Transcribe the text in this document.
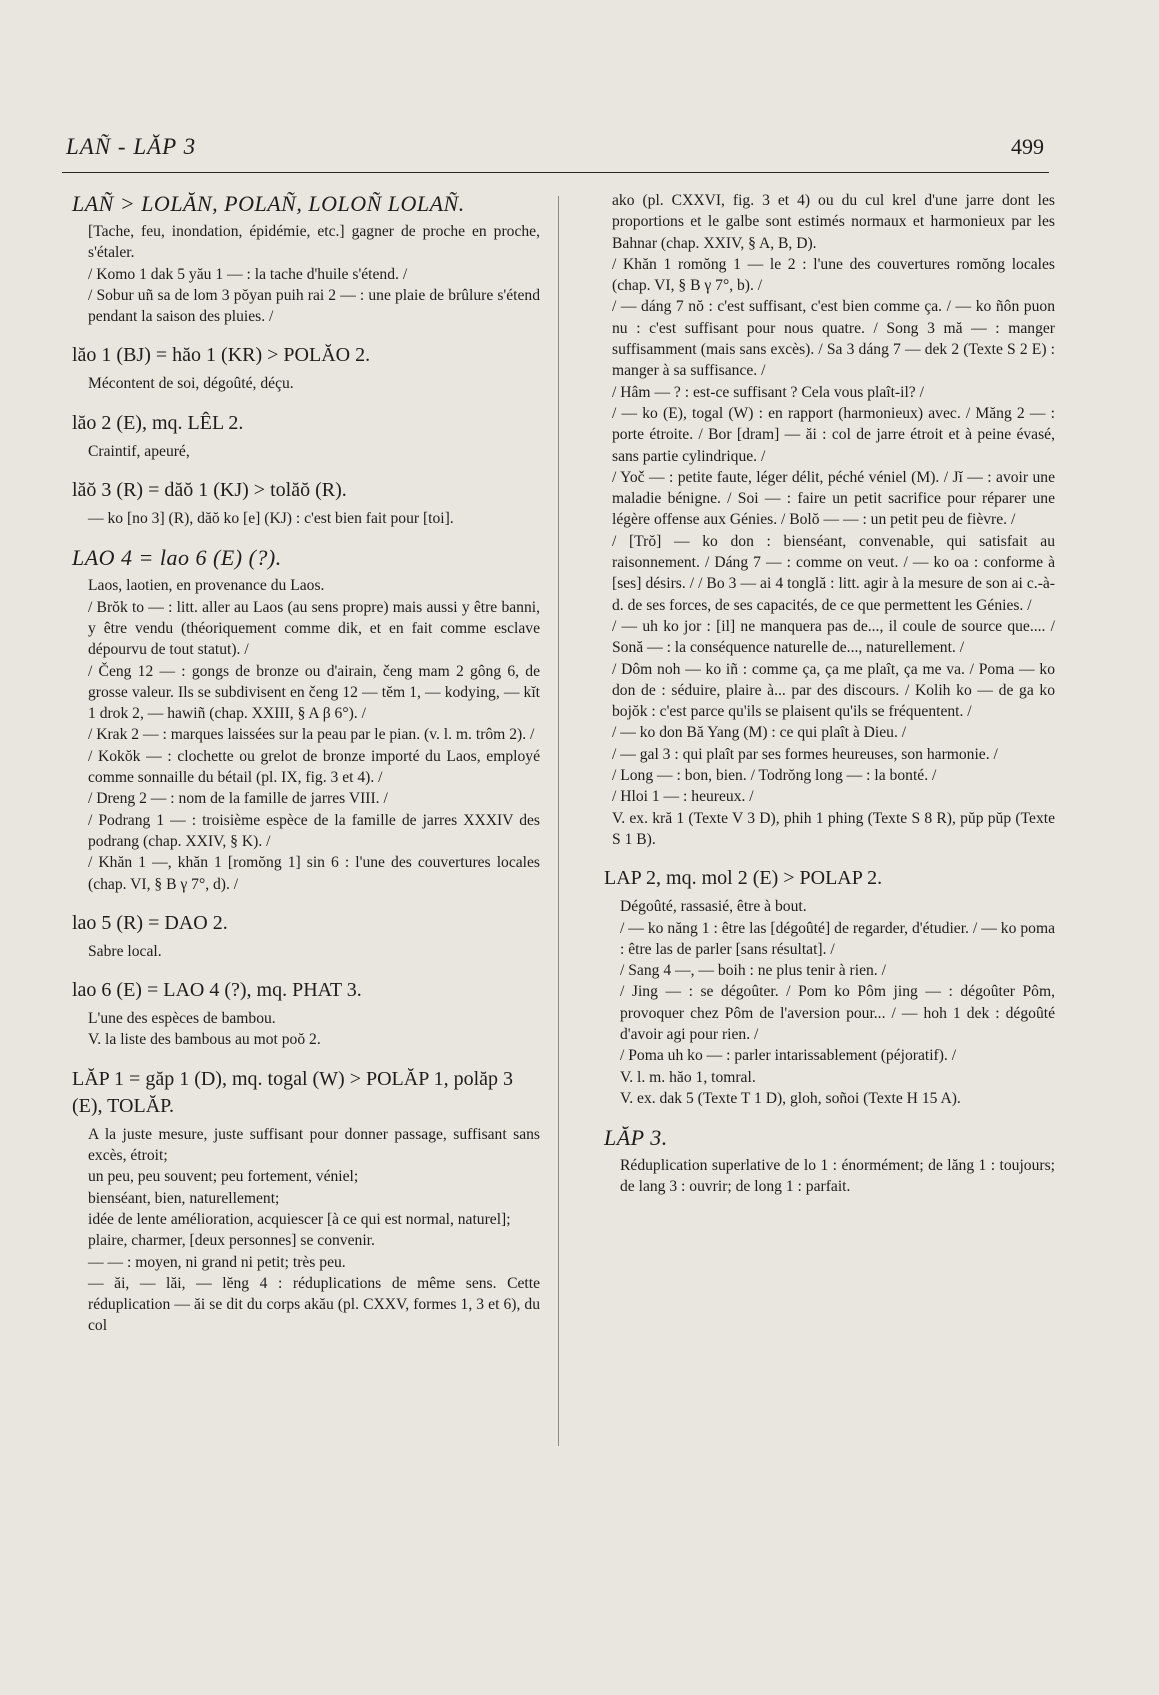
LAÑ - LĂP 3	499
LAÑ > LOLĂN, POLAÑ, LOLOÑ LOLAÑ.

[Tache, feu, inondation, épidémie, etc.] gagner de proche en proche, s'étaler.

/ Komo 1 dak 5 yău 1 — : la tache d'huile s'étend. /

/ Sobur uñ sa de lom 3 pŏyan puih rai 2 — : une plaie de brûlure s'étend pendant la saison des pluies. /

lăo 1 (BJ) = hăo 1 (KR) > POLĂO 2.

Mécontent de soi, dégoûté, déçu.

lăo 2 (E), mq. LÊL 2.

Craintif, apeuré,

lăŏ 3 (R) = dăŏ 1 (KJ) > tolăŏ (R).

— ko [no 3] (R), dăŏ ko [e] (KJ) : c'est bien fait pour [toi].

LAO 4 = lao 6 (E) (?).

Laos, laotien, en provenance du Laos.

/ Brŏk to — : litt. aller au Laos (au sens propre) mais aussi y être banni, y être vendu (théoriquement comme dik, et en fait comme esclave dépourvu de tout statut). /

/ Čeng 12 — : gongs de bronze ou d'airain, čeng mam 2 gông 6, de grosse valeur. Ils se subdivisent en čeng 12 — tĕm 1, — kodying, — kĭt 1 drok 2, — hawiñ (chap. XXIII, § A β 6°). /

/ Krak 2 — : marques laissées sur la peau par le pian. (v. l. m. trôm 2). /

/ Kokŏk — : clochette ou grelot de bronze importé du Laos, employé comme sonnaille du bétail (pl. IX, fig. 3 et 4). /

/ Dreng 2 — : nom de la famille de jarres VIII. /

/ Podrang 1 — : troisième espèce de la famille de jarres XXXIV des podrang (chap. XXIV, § K). /

/ Khăn 1 —, khăn 1 [romŏng 1] sin 6 : l'une des couvertures locales (chap. VI, § B γ 7°, d). /

lao 5 (R) = DAO 2.

Sabre local.

lao 6 (E) = LAO 4 (?), mq. PHAT 3.

L'une des espèces de bambou.

V. la liste des bambous au mot poŏ 2.

LĂP 1 = găp 1 (D), mq. togal (W) > POLĂP 1, polăp 3 (E), TOLĂP.

A la juste mesure, juste suffisant pour donner passage, suffisant sans excès, étroit;

un peu, peu souvent; peu fortement, véniel;

bienséant, bien, naturellement;

idée de lente amélioration, acquiescer [à ce qui est normal, naturel];

plaire, charmer, [deux personnes] se convenir.

— — : moyen, ni grand ni petit; très peu.

— ăi, — lăi, — lĕng 4 : réduplications de même sens. Cette réduplication — ăi se dit du corps akău (pl. CXXV, formes 1, 3 et 6), du col

ako (pl. CXXVI, fig. 3 et 4) ou du cul krel d'une jarre dont les proportions et le galbe sont estimés normaux et harmonieux par les Bahnar (chap. XXIV, § A, B, D).

/ Khăn 1 romŏng 1 — le 2 : l'une des couvertures romŏng locales (chap. VI, § B γ 7°, b). /

/ — dáng 7 nŏ : c'est suffisant, c'est bien comme ça. / — ko ñôn puon nu : c'est suffisant pour nous quatre. / Song 3 mă — : manger suffisamment (mais sans excès). / Sa 3 dáng 7 — dek 2 (Texte S 2 E) : manger à sa suffisance. /

/ Hâm — ? : est-ce suffisant ? Cela vous plaît-il? /

/ — ko (E), togal (W) : en rapport (harmonieux) avec. / Măng 2 — : porte étroite. / Bor [dram] — ăi : col de jarre étroit et à peine évasé, sans partie cylindrique. /

/ Yoč — : petite faute, léger délit, péché véniel (M). / Jĭ — : avoir une maladie bénigne. / Soi — : faire un petit sacrifice pour réparer une légère offense aux Génies. / Bolŏ — — : un petit peu de fièvre. /

/ [Trŏ] — ko don : bienséant, convenable, qui satisfait au raisonnement. / Dáng 7 — : comme on veut. / — ko oa : conforme à [ses] désirs. / / Bo 3 — ai 4 tonglă : litt. agir à la mesure de son ai c.-à-d. de ses forces, de ses capacités, de ce que permettent les Génies. /

/ — uh ko jor : [il] ne manquera pas de..., il coule de source que.... / Sonă — : la conséquence naturelle de..., naturellement. /

/ Dôm noh — ko iñ : comme ça, ça me plaît, ça me va. / Poma — ko don de : séduire, plaire à... par des discours. / Kolih ko — de ga ko bojŏk : c'est parce qu'ils se plaisent qu'ils se fréquentent. /

/ — ko don Bă Yang (M) : ce qui plaît à Dieu. /

/ — gal 3 : qui plaît par ses formes heureuses, son harmonie. /

/ Long — : bon, bien. / Todrŏng long — : la bonté. /

/ Hloi 1 — : heureux. /

V. ex. kră 1 (Texte V 3 D), phih 1 phing (Texte S 8 R), pŭp pŭp (Texte S 1 B).

LAP 2, mq. mol 2 (E) > POLAP 2.

Dégoûté, rassasié, être à bout.

/ — ko năng 1 : être las [dégoûté] de regarder, d'étudier. / — ko poma : être las de parler [sans résultat]. /

/ Sang 4 —, — boih : ne plus tenir à rien. /

/ Jing — : se dégoûter. / Pom ko Pôm jing — : dégoûter Pôm, provoquer chez Pôm de l'aversion pour... / — hoh 1 dek : dégoûté d'avoir agi pour rien. /

/ Poma uh ko — : parler intarissablement (péjoratif). /

V. l. m. hăo 1, tomral.

V. ex. dak 5 (Texte T 1 D), gloh, soñoi (Texte H 15 A).

LĂP 3.

Réduplication superlative de lo 1 : énormément; de lăng 1 : toujours; de lang 3 : ouvrir; de long 1 : parfait.
